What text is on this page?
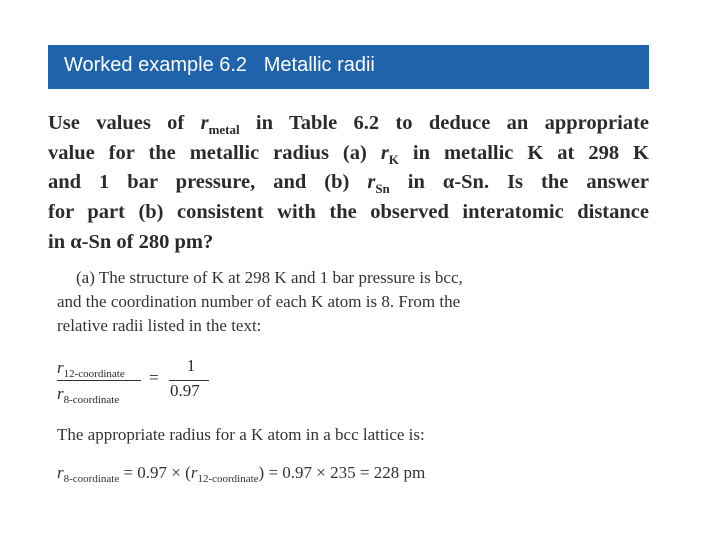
Worked example 6.2   Metallic radii
Use values of $r_{metal}$ in Table 6.2 to deduce an appropriate
value for the metallic radius (a) $r_K$ in metallic K at 298 K
and 1 bar pressure, and (b) $r_{Sn}$ in α-Sn. Is the answer
for part (b) consistent with the observed interatomic distance
in α-Sn of 280 pm?
(a) The structure of K at 298 K and 1 bar pressure is bcc,
and the coordination number of each K atom is 8. From the
relative radii listed in the text:
$r_{12-coordinate}$
$r_{8-coordinate}$
=
1
0.97
The appropriate radius for a K atom in a bcc lattice is:
$r_{8-coordinate} = 0.97 \times (r_{12-coordinate}) = 0.97 \times 235 = 228$ pm
